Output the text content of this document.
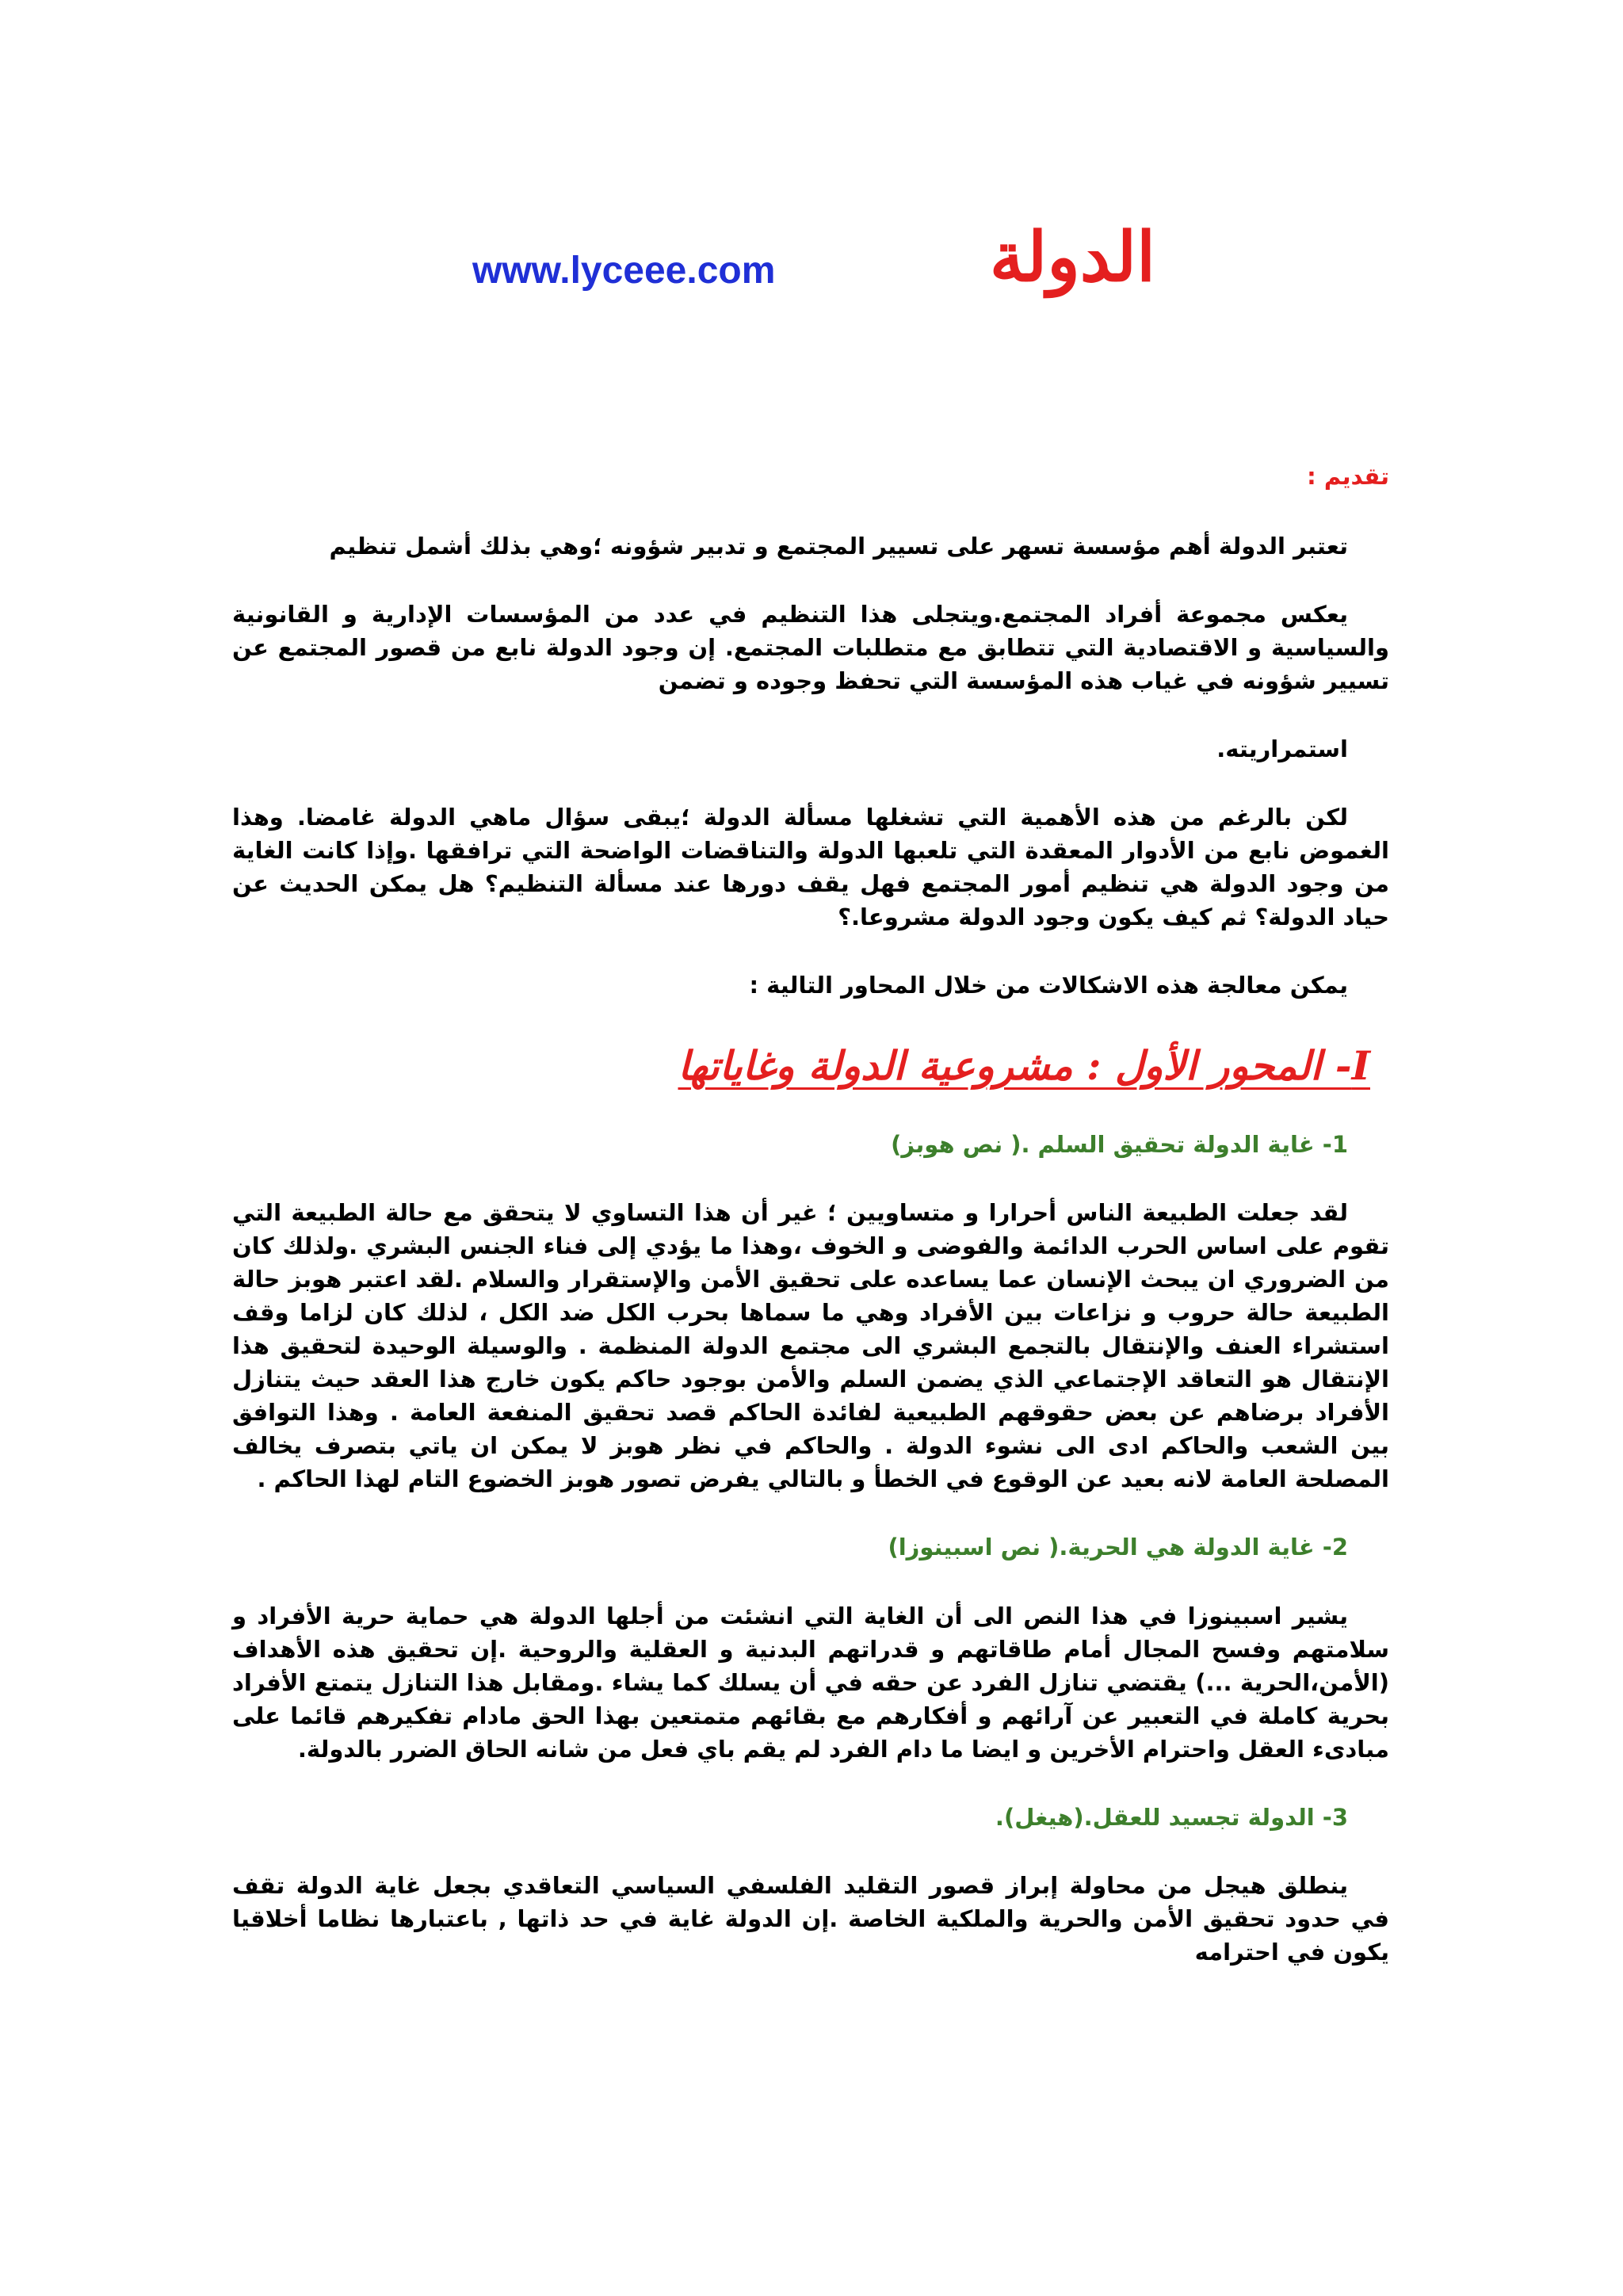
الدولة
www.lyceee.com

تقديم :

تعتبر الدولة أهم مؤسسة تسهر على تسيير المجتمع و تدبير شؤونه ؛وهي بذلك أشمل تنظيم

يعكس مجموعة أفراد المجتمع.ويتجلى هذا التنظيم في عدد من المؤسسات الإدارية و القانونية والسياسية و الاقتصادية التي تتطابق مع متطلبات المجتمع. إن وجود الدولة نابع من قصور المجتمع عن تسيير شؤونه في غياب هذه المؤسسة التي تحفظ وجوده و تضمن

استمراريته.

لكن بالرغم من هذه الأهمية التي تشغلها مسألة الدولة ؛يبقى سؤال ماهي الدولة غامضا. وهذا الغموض نابع من الأدوار المعقدة التي تلعبها الدولة والتناقضات الواضحة التي ترافقها .وإذا كانت الغاية من وجود الدولة هي تنظيم أمور المجتمع فهل يقف دورها عند مسألة التنظيم؟ هل يمكن الحديث عن حياد الدولة؟ ثم كيف يكون وجود الدولة مشروعا.؟

يمكن معالجة هذه الاشكالات من خلال المحاور التالية :

I- المحور الأول : مشروعية الدولة وغاياتها

1- غاية الدولة تحقيق السلم .( نص هوبز)

لقد جعلت الطبيعة الناس أحرارا و متساويين ؛ غير أن هذا التساوي لا يتحقق مع حالة الطبيعة التي تقوم على اساس الحرب الدائمة والفوضى و الخوف ،وهذا ما يؤدي إلى فناء الجنس البشري .ولذلك كان من الضروري ان يبحث الإنسان عما يساعده على تحقيق الأمن والإستقرار والسلام .لقد اعتبر هوبز حالة الطبيعة حالة حروب و نزاعات بين الأفراد وهي ما سماها بحرب الكل ضد الكل ، لذلك كان لزاما وقف استشراء العنف والإنتقال بالتجمع البشري الى مجتمع الدولة المنظمة . والوسيلة الوحيدة لتحقيق هذا الإنتقال هو التعاقد الإجتماعي الذي يضمن السلم والأمن بوجود حاكم يكون خارج هذا العقد حيث يتنازل الأفراد برضاهم عن بعض حقوقهم الطبيعية لفائدة الحاكم قصد تحقيق المنفعة العامة . وهذا التوافق بين الشعب والحاكم ادى الى نشوء الدولة . والحاكم في نظر هوبز لا يمكن ان ياتي بتصرف يخالف المصلحة العامة لانه بعيد عن الوقوع في الخطأ و بالتالي يفرض تصور هوبز الخضوع التام لهذا الحاكم .

2- غاية الدولة هي الحرية.( نص اسبينوزا)

يشير اسبينوزا في هذا النص الى أن الغاية التي انشئت من أجلها الدولة هي حماية حرية الأفراد و سلامتهم وفسح المجال أمام طاقاتهم و قدراتهم البدنية و العقلية والروحية .إن تحقيق هذه الأهداف (الأمن،الحرية ...) يقتضي تنازل الفرد عن حقه في أن يسلك كما يشاء .ومقابل هذا التنازل يتمتع الأفراد بحرية كاملة في التعبير عن آرائهم و أفكارهم مع بقائهم متمتعين بهذا الحق مادام تفكيرهم قائما على مبادىء العقل واحترام الأخرين و ايضا ما دام الفرد لم يقم باي فعل من شانه الحاق الضرر بالدولة.

3- الدولة تجسيد للعقل.(هيغل).

ينطلق هيجل من محاولة إبراز قصور التقليد الفلسفي السياسي التعاقدي بجعل غاية الدولة تقف في حدود تحقيق الأمن والحرية والملكية الخاصة .إن الدولة غاية في حد ذاتها , باعتبارها نظاما أخلاقيا يكون في احترامه
